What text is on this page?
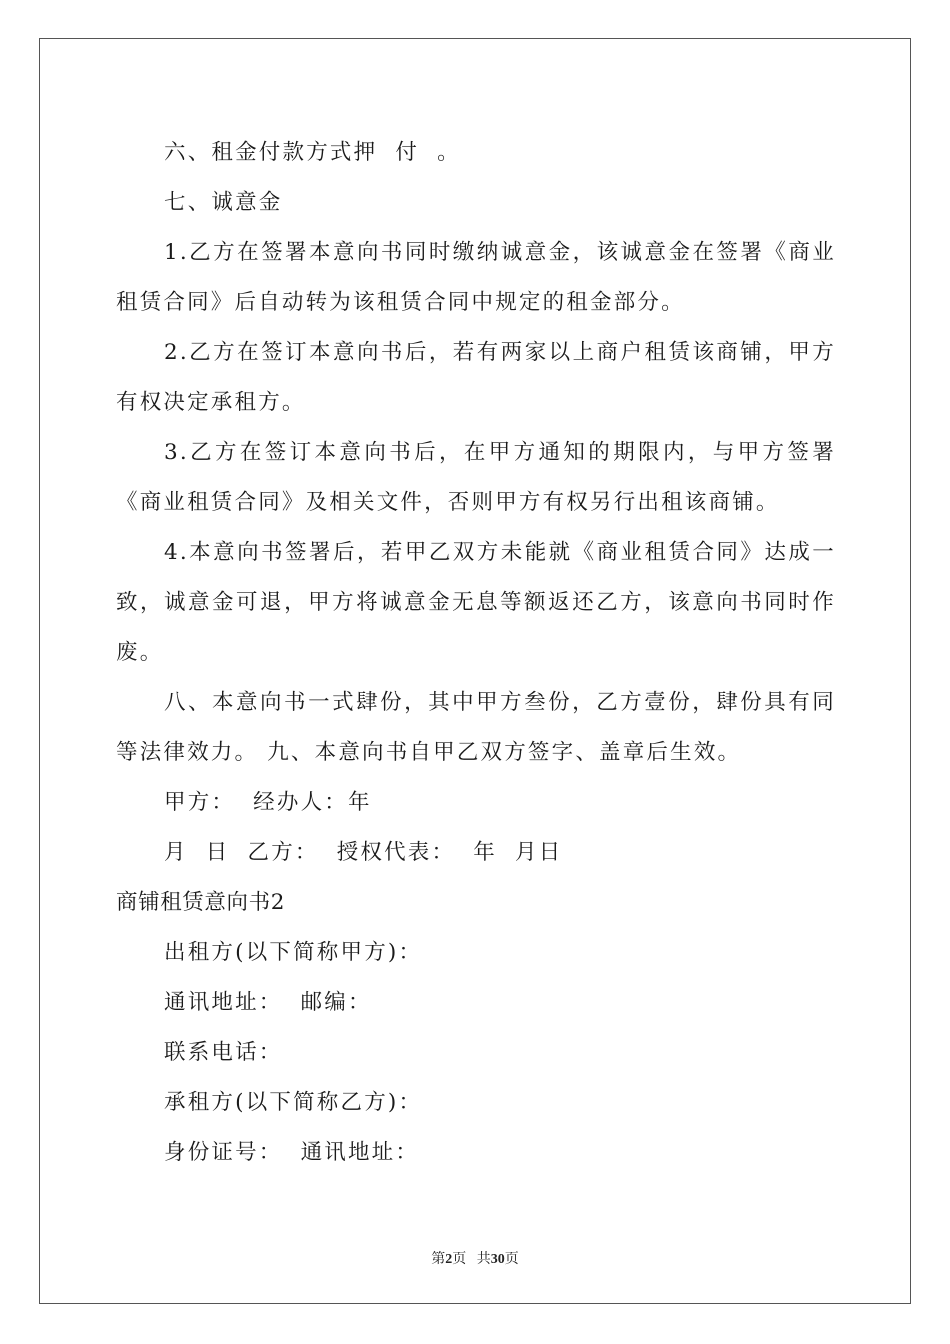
六、租金付款方式押  付  。

七、诚意金

1.乙方在签署本意向书同时缴纳诚意金，该诚意金在签署《商业租赁合同》后自动转为该租赁合同中规定的租金部分。

2.乙方在签订本意向书后，若有两家以上商户租赁该商铺，甲方有权决定承租方。

3.乙方在签订本意向书后，在甲方通知的期限内，与甲方签署《商业租赁合同》及相关文件，否则甲方有权另行出租该商铺。

4.本意向书签署后，若甲乙双方未能就《商业租赁合同》达成一致，诚意金可退，甲方将诚意金无息等额返还乙方，该意向书同时作废。

八、本意向书一式肆份，其中甲方叁份，乙方壹份，肆份具有同等法律效力。 九、本意向书自甲乙双方签字、盖章后生效。

甲方：  经办人：年

月  日  乙方：  授权代表：  年  月日

商铺租赁意向书2

出租方(以下简称甲方)：

通讯地址：  邮编：

联系电话：

承租方(以下简称乙方)：

身份证号：  通讯地址：

第2页 共30页
